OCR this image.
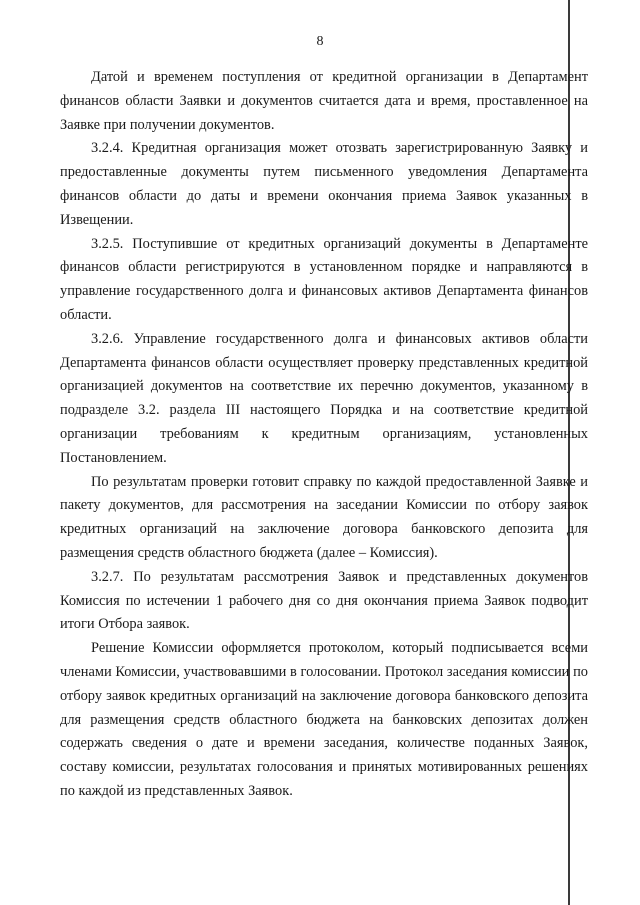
8

Датой и временем поступления от кредитной организации в Департамент финансов области Заявки и документов считается дата и время, проставленное на Заявке при получении документов.

3.2.4. Кредитная организация может отозвать зарегистрированную Заявку и предоставленные документы путем письменного уведомления Департамента финансов области до даты и времени окончания приема Заявок указанных в Извещении.

3.2.5. Поступившие от кредитных организаций документы в Департаменте финансов области регистрируются в установленном порядке и направляются в управление государственного долга и финансовых активов Департамента финансов области.

3.2.6. Управление государственного долга и финансовых активов области Департамента финансов области осуществляет проверку представленных кредитной организацией документов на соответствие их перечню документов, указанному в подразделе 3.2. раздела III настоящего Порядка и на соответствие кредитной организации требованиям к кредитным организациям, установленных Постановлением.

По результатам проверки готовит справку по каждой предоставленной Заявке и пакету документов, для рассмотрения на заседании Комиссии по отбору заявок кредитных организаций на заключение договора банковского депозита для размещения средств областного бюджета (далее – Комиссия).

3.2.7. По результатам рассмотрения Заявок и представленных документов Комиссия по истечении 1 рабочего дня со дня окончания приема Заявок подводит итоги Отбора заявок.

Решение Комиссии оформляется протоколом, который подписывается всеми членами Комиссии, участвовавшими в голосовании. Протокол заседания комиссии по отбору заявок кредитных организаций на заключение договора банковского депозита для размещения средств областного бюджета на банковских депозитах должен содержать сведения о дате и времени заседания, количестве поданных Заявок, составу комиссии, результатах голосования и принятых мотивированных решениях по каждой из представленных Заявок.
